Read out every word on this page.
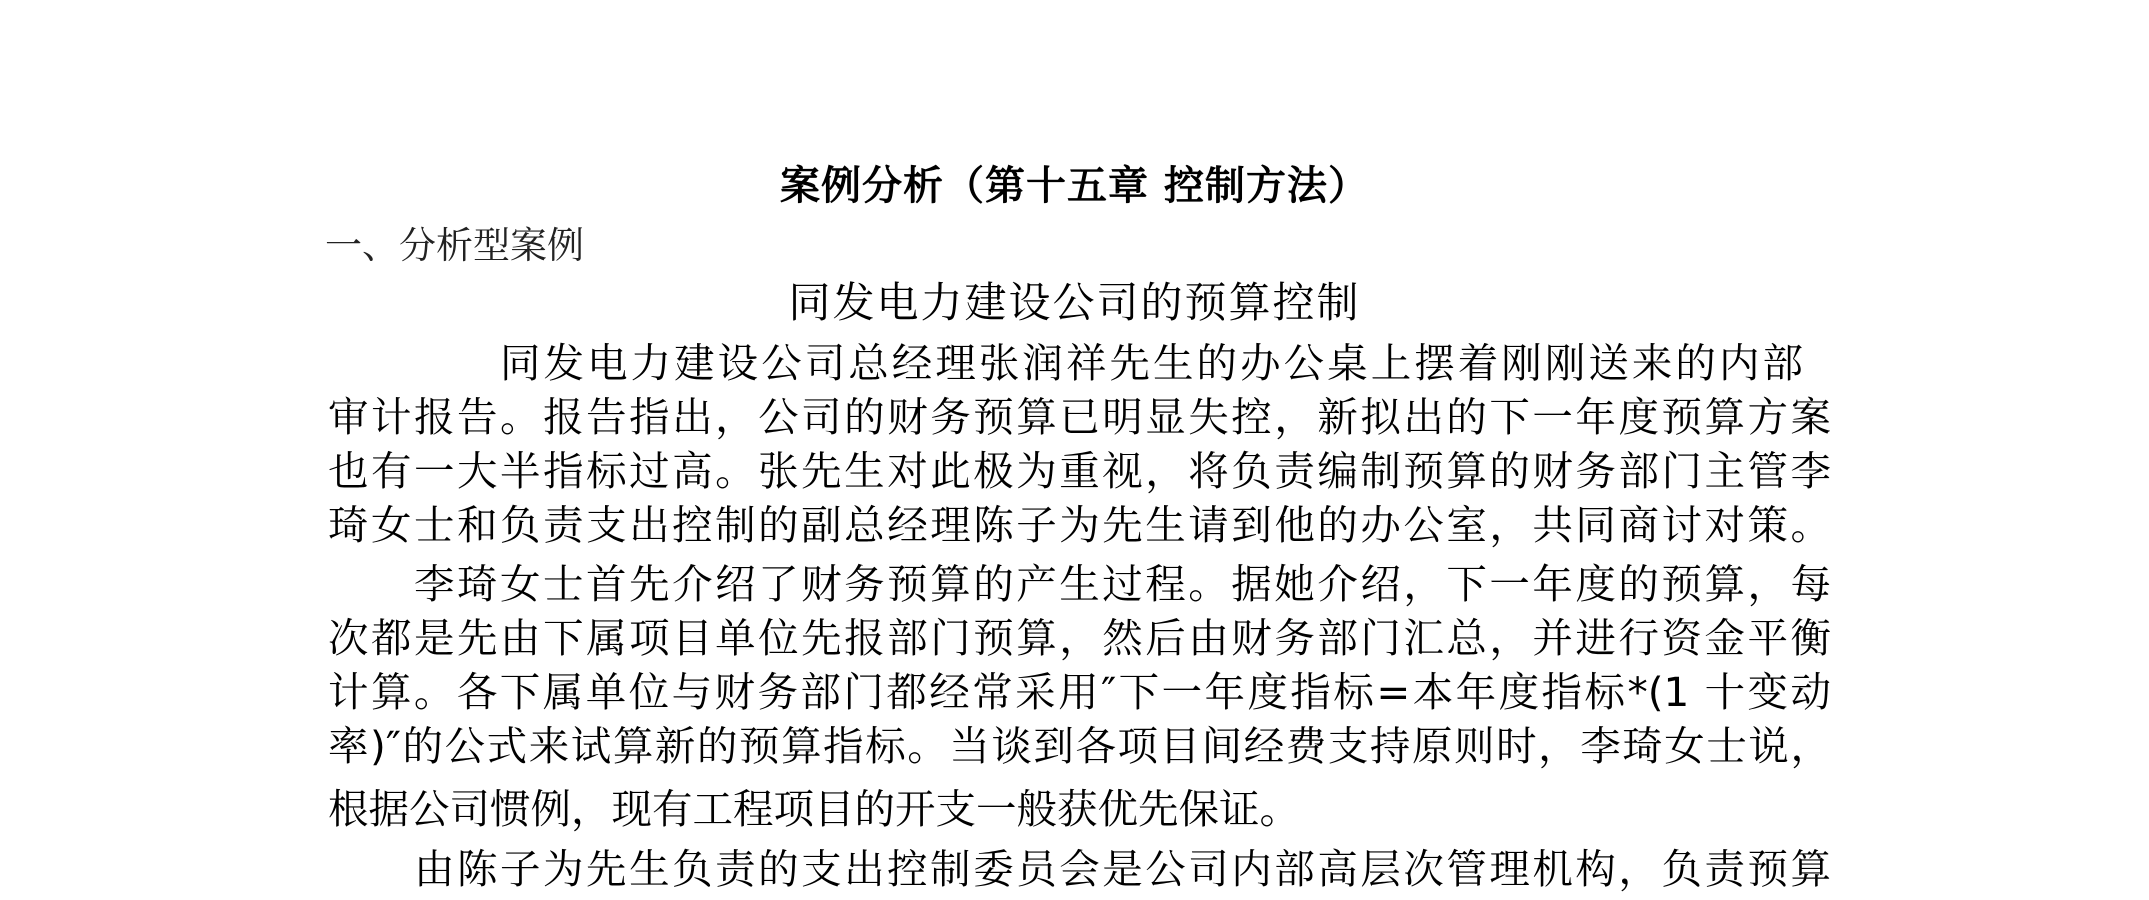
案例分析（第十五章 控制方法）
一、分析型案例
同发电力建设公司的预算控制
同发电力建设公司总经理张润祥先生的办公桌上摆着刚刚送来的内部
审计报告。报告指出，公司的财务预算已明显失控，新拟出的下一年度预算方案
也有一大半指标过高。张先生对此极为重视，将负责编制预算的财务部门主管李
琦女士和负责支出控制的副总经理陈子为先生请到他的办公室，共同商讨对策。
李琦女士首先介绍了财务预算的产生过程。据她介绍，下一年度的预算，每
次都是先由下属项目单位先报部门预算，然后由财务部门汇总，并进行资金平衡
计算。各下属单位与财务部门都经常采用″下一年度指标=本年度指标*(1 十变动
率)″的公式来试算新的预算指标。当谈到各项目间经费支持原则时，李琦女士说，
根据公司惯例，现有工程项目的开支一般获优先保证。
由陈子为先生负责的支出控制委员会是公司内部高层次管理机构，负责预算
